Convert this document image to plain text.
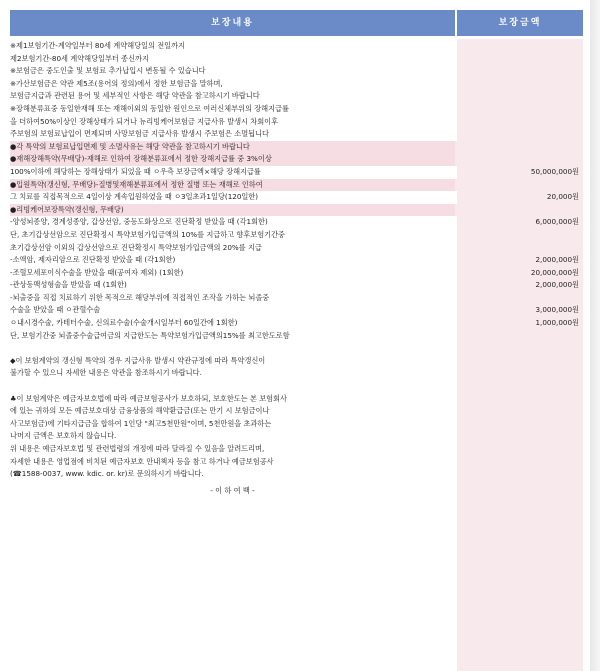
보장내용	보장금액
※제1보험기간-계약일부터 80세 계약해당일의 전일까지
제2보험기간-80세 계약해당일부터 종신까지
※보험금은 중도인출 및 보험료 추가납입시 변동될 수 있습니다
※가산보험금은 약관 제5조(용어의 정의)에서 정한 보험금을 말하며,
보험금지급과 관련된 용어 및 세부적인 사항은 해당 약관을 참고하시기 바랍니다
※장해분류표중 동일한재해 또는 재해이외의 동일한 원인으로 여러신체부위의 장해지급률
을 더하여50%이상인 장해상태가 되거나 뉴리빙케어보험금 지급사유 발생시 차회이후
주보험의 보험료납입이 면제되며 사망보험금 지급사유 발생시 주보험은 소멸됩니다
●각 특약의 보험료납입면제 및 소멸사유는 해당 약관을 참고하시기 바랍니다
●재해장해특약(무배당)-재해로 인하여 장해분류표에서 정한 장해지급률 중 3%이상
100%이하에 해당하는 장해상태가 되었을 때 ㅇ우측 보장금액×해당 장해지급률	50,000,000원
●입원특약(갱신형, 무배당)-질병및재해분류표에서 정한 질병 또는 재해로 인하여
그 치료를 직접목적으로 4일이상 계속입원하였을 때 ㅇ3일초과1일당(120일한)	20,000원
●리빙케어보장특약(갱신형, 무배당)
-양성뇌종양, 경계성종양, 갑상선암, 중등도화상으로 진단확정 받았을 때 (각1회한)	6,000,000원
단, 초기갑상선암으로 진단확정시 특약보험가입금액의 10%를 지급하고 향후보험기간중
초기갑상선암 이외의 갑상선암으로 진단확정시 특약보험가입금액의 20%를 지급
-소액암, 제자리암으로 진단확정 받았을 때 (각1회한)	2,000,000원
-조혈모세포이식수술을 받았을 때(공여자 제외) (1회한)	20,000,000원
-관상동맥성형술을 받았을 때 (1회한)	2,000,000원
-뇌출중을 직접 치료하기 위한 목적으로 해당부위에 직접적인 조작을 가하는 뇌졸중
수술을 받았을 때 ㅇ관혈수술	3,000,000원
ㅇ내시경수술, 카테터수술, 신의료수술(수술개시일부터 60일간에 1회한)	1,000,000원
단, 보험기간중 뇌졸중수술급여금의 지급한도는 특약보험가입금액의15%를 최고한도로함
◆이 보험계약의 갱신형 특약의 경우 지급사유 발생시 약관규정에 따라 특약갱신이
불가할 수 있으니 자세한 내용은 약관을 참조하시기 바랍니다.
♣이 보험계약은 예금자보호법에 따라 예금보험공사가 보호하되, 보호한도는 본 보험회사
에 있는 귀하의 모든 예금보호대상 금융상품의 해약환급금(또는 만기 시 보험금이나
사고보험금)에 기타지급금을 합하여 1인당 "최고5천만원"이며, 5천만원을 초과하는
나머지 금액은 보호하지 않습니다.
위 내용은 예금자보호법 및 관련법령의 개정에 따라 달라질 수 있음을 알려드리며,
자세한 내용은 영업점에 비치된 예금자보호 안내책자 등을 참고 하거나 예금보험공사
(☎1588-0037, www. kdic. or. kr)로 문의하시기 바랍니다.
- 이 하 여 백 -
